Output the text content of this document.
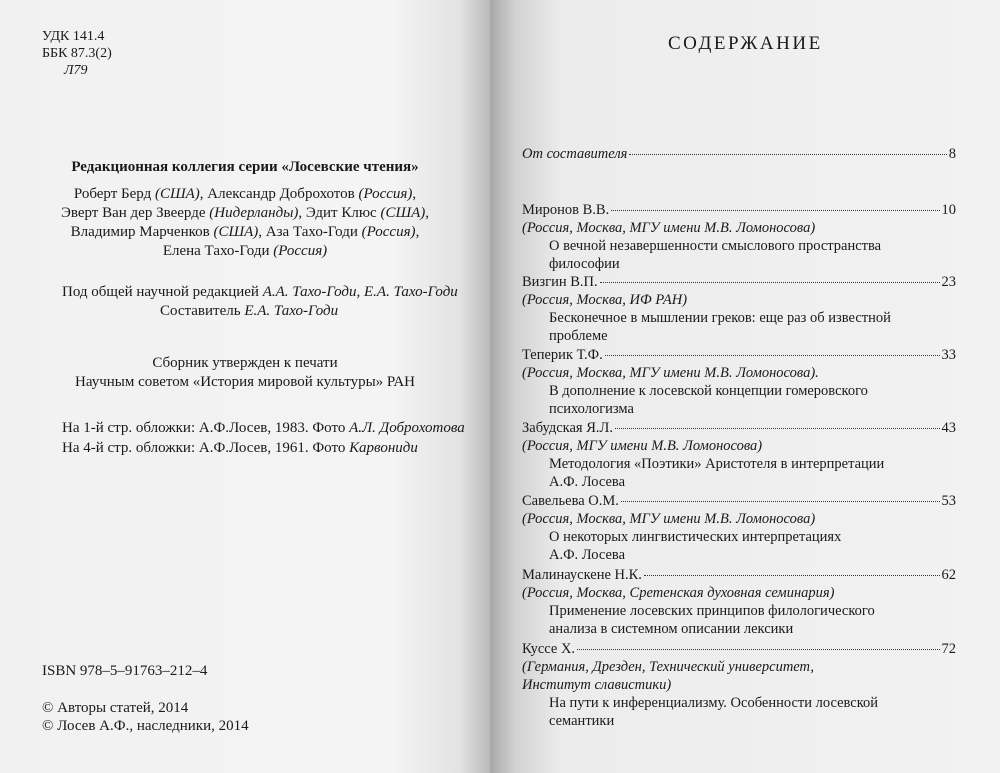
УДК 141.4
ББК 87.3(2)
Л79
Редакционная коллегия серии «Лосевские чтения»
Роберт Берд (США), Александр Доброхотов (Россия),
Эверт Ван дер Звеерде (Нидерланды), Эдит Клюс (США),
Владимир Марченков (США), Аза Тахо-Годи (Россия),
Елена Тахо-Годи (Россия)
Под общей научной редакцией А.А. Тахо-Годи, Е.А. Тахо-Годи
Составитель Е.А. Тахо-Годи
Сборник утвержден к печати
Научным советом «История мировой культуры» РАН
На 1-й стр. обложки: А.Ф.Лосев, 1983. Фото А.Л. Доброхотова
На 4-й стр. обложки: А.Ф.Лосев, 1961. Фото Карвониди
ISBN 978–5–91763–212–4
© Авторы статей, 2014
© Лосев А.Ф., наследники, 2014
СОДЕРЖАНИЕ
От составителя	8
Миронов В.В.	10
(Россия, Москва, МГУ имени М.В. Ломоносова)
О вечной незавершенности смыслового пространства
философии
Визгин В.П.	23
(Россия, Москва, ИФ РАН)
Бесконечное в мышлении греков: еще раз об известной
проблеме
Теперик Т.Ф.	33
(Россия, Москва, МГУ имени М.В. Ломоносова).
В дополнение к лосевской концепции гомеровского
психологизма
Забудская Я.Л.	43
(Россия, МГУ имени М.В. Ломоносова)
Методология «Поэтики» Аристотеля в интерпретации
А.Ф. Лосева
Савельева О.М.	53
(Россия, Москва, МГУ имени М.В. Ломоносова)
О некоторых лингвистических интерпретациях
А.Ф. Лосева
Малинаускене Н.К.	62
(Россия, Москва, Сретенская духовная семинария)
Применение лосевских принципов филологического
анализа в системном описании лексики
Куссе Х.	72
(Германия, Дрезден, Технический университет,
Институт славистики)
На пути к инференциализму. Особенности лосевской
семантики
